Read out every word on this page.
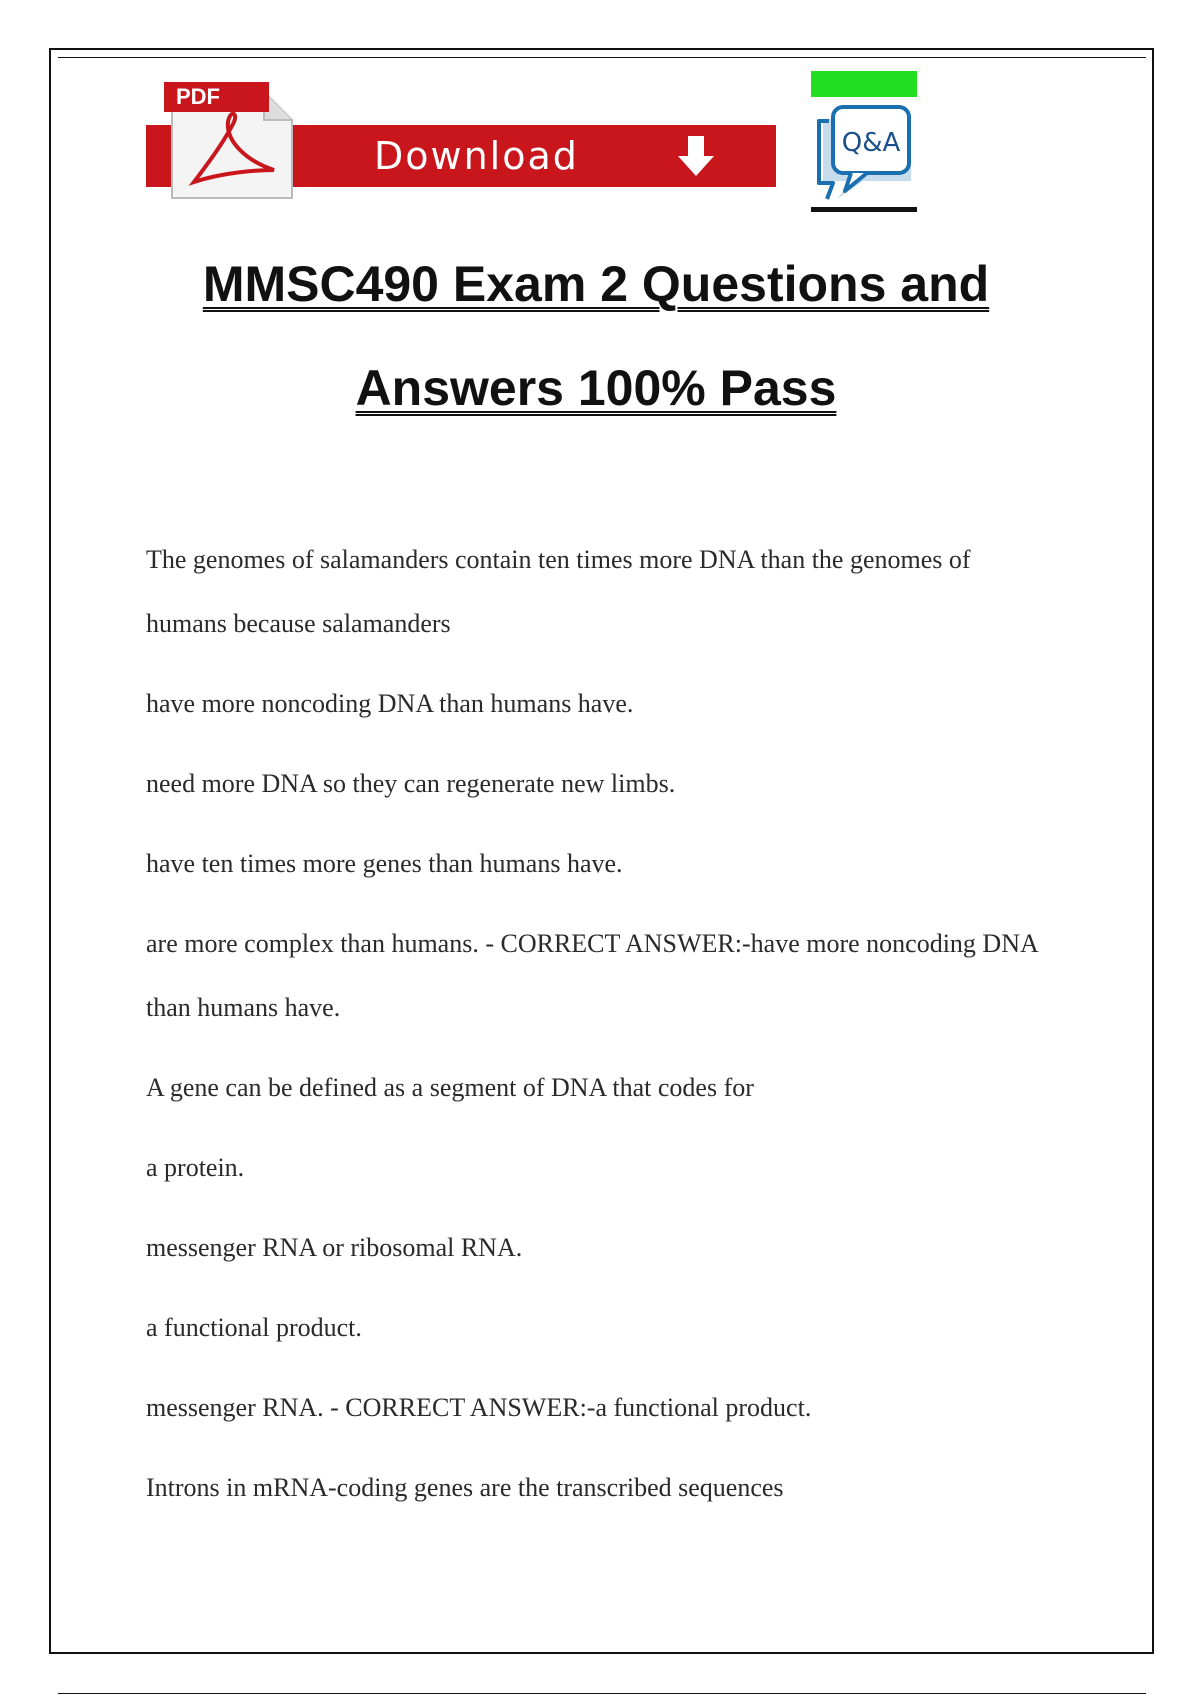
PDF
Download	Q&A
MMSC490 Exam 2 Questions and
Answers 100% Pass

The genomes of salamanders contain ten times more DNA than the genomes of humans because salamanders

have more noncoding DNA than humans have.

need more DNA so they can regenerate new limbs.

have ten times more genes than humans have.

are more complex than humans. - CORRECT ANSWER:-have more noncoding DNA than humans have.

A gene can be defined as a segment of DNA that codes for

a protein.

messenger RNA or ribosomal RNA.

a functional product.

messenger RNA. - CORRECT ANSWER:-a functional product.

Introns in mRNA-coding genes are the transcribed sequences
